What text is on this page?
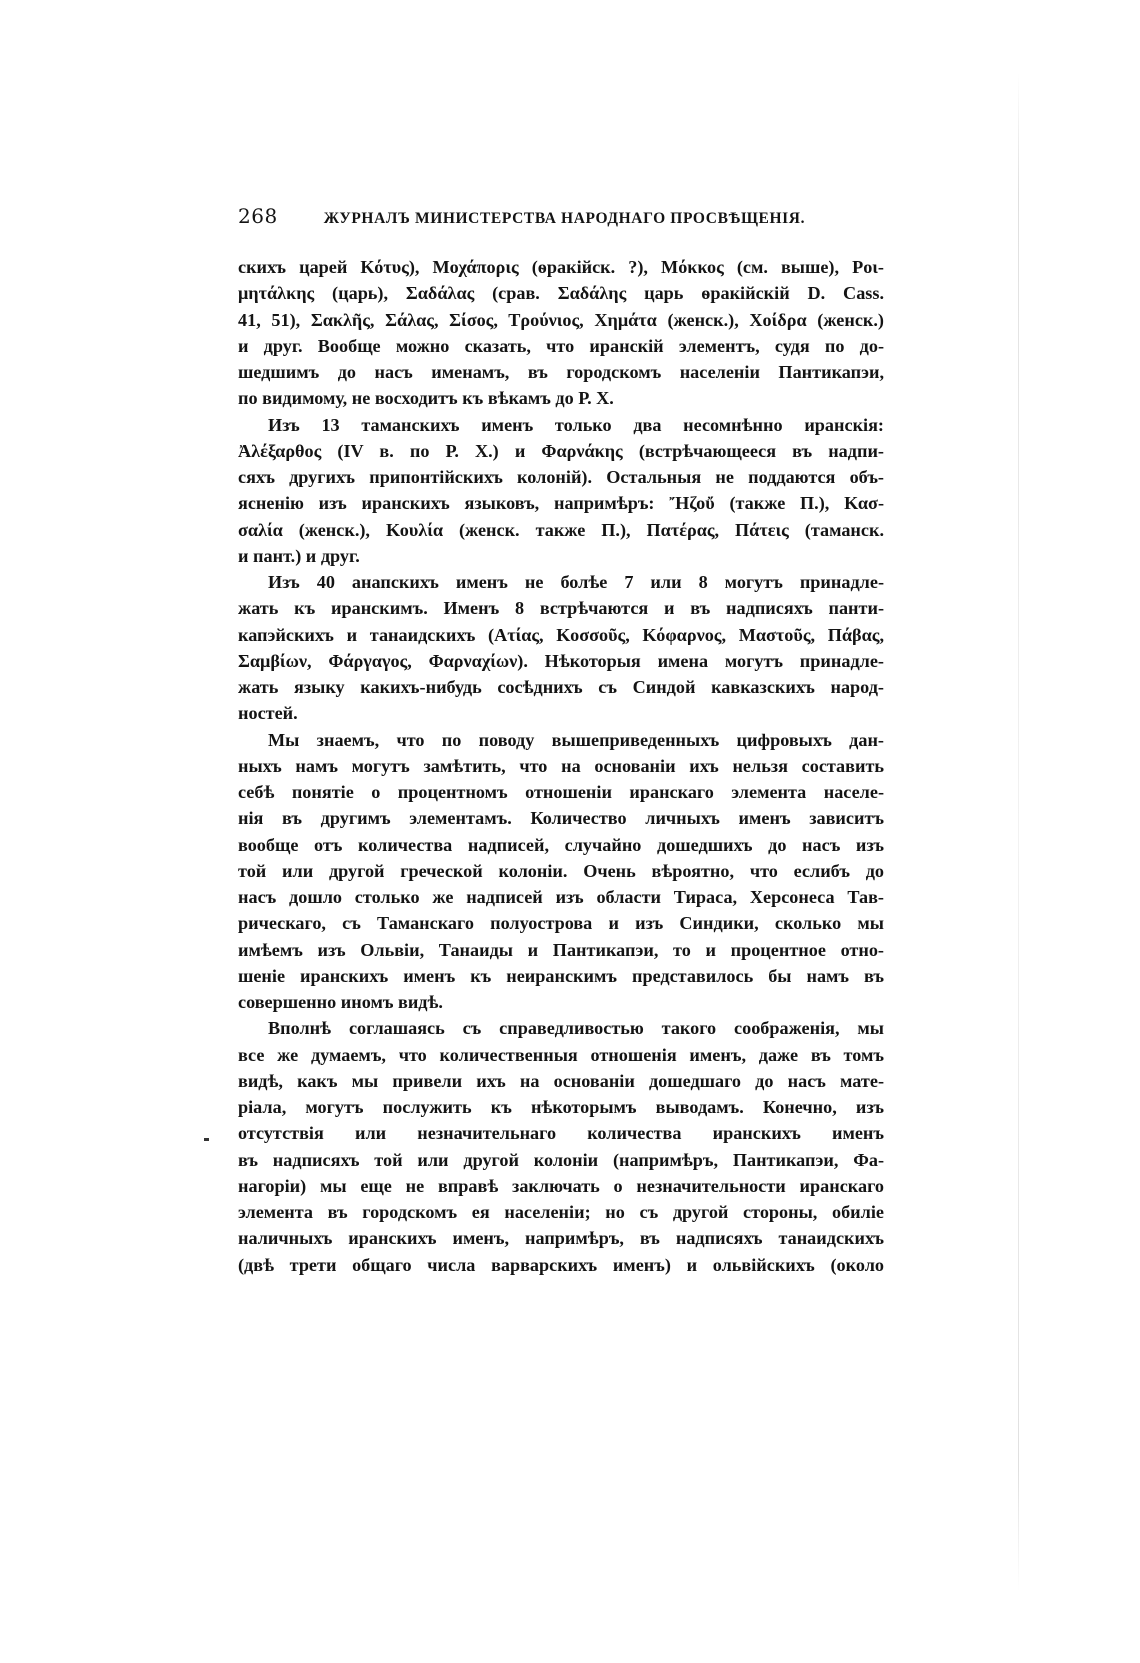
268	ЖУРНАЛЪ МИНИСТЕРСТВА НАРОДНАГО ПРОСВѢЩЕНІЯ.
скихъ царей Κότυς), Μοχάπορις (ѳракійск. ?), Μόκκος (см. выше), Ροι-
μητάλκης (царь), Σαδάλας (срав. Σαδάλης царь ѳракійскій D. Cass.
41, 51), Σακλῆς, Σάλας, Σίσος, Τρούνιος, Χημάτα (женск.), Χοίδρα (женск.)
и друг. Вообще можно сказать, что иранскій элементъ, судя по до-
шедшимъ до насъ именамъ, въ городскомъ населеніи Пантикапэи,
по видимому, не восходитъ къ вѣкамъ до Р. Х.
Изъ 13 таманскихъ именъ только два несомнѣнно иранскія:
Ἀλέξαρθος (IV в. по Р. Х.) и Φαρνάκης (встрѣчающееся въ надпи-
сяхъ другихъ припонтійскихъ колоній). Остальныя не поддаются объ-
ясненію изъ иранскихъ языковъ, напримѣръ: Ἤζοὔ (также П.), Κασ-
σαλία (женск.), Κουλία (женск. также П.), Πατέρας, Πάτεις (таманск.
и пант.) и друг.
Изъ 40 анапскихъ именъ не болѣе 7 или 8 могутъ принадле-
жать къ иранскимъ. Именъ 8 встрѣчаются и въ надписяхъ панти-
капэйскихъ и танаидскихъ (Ατίας, Κοσσοῦς, Κόφαρνος, Μαστοῦς, Πάβας,
Σαμβίων, Φάργαγος, Φαρναχίων). Нѣкоторыя имена могутъ принадле-
жать языку какихъ-нибудь сосѣднихъ съ Синдой кавказскихъ народ-
ностей.
Мы знаемъ, что по поводу вышеприведенныхъ цифровыхъ дан-
ныхъ намъ могутъ замѣтить, что на основаніи ихъ нельзя составить
себѣ понятіе о процентномъ отношеніи иранскаго элемента населе-
нія въ другимъ элементамъ. Количество личныхъ именъ зависитъ
вообще отъ количества надписей, случайно дошедшихъ до насъ изъ
той или другой греческой колоніи. Очень вѣроятно, что еслибъ до
насъ дошло столько же надписей изъ области Тираса, Херсонеса Тав-
рическаго, съ Таманскаго полуострова и изъ Синдики, сколько мы
имѣемъ изъ Ольвіи, Танаиды и Пантикапэи, то и процентное отно-
шеніе иранскихъ именъ къ неиранскимъ представилось бы намъ въ
совершенно иномъ видѣ.
Вполнѣ соглашаясь съ справедливостью такого соображенія, мы
все же думаемъ, что количественныя отношенія именъ, даже въ томъ
видѣ, какъ мы привели ихъ на основаніи дошедшаго до насъ мате-
ріала, могутъ послужить къ нѣкоторымъ выводамъ. Конечно, изъ
отсутствія или незначительнаго количества иранскихъ именъ
въ надписяхъ той или другой колоніи (напримѣръ, Пантикапэи, Фа-
нагоріи) мы еще не вправѣ заключать о незначительности иранскаго
элемента въ городскомъ ея населеніи; но съ другой стороны, обиліе
наличныхъ иранскихъ именъ, напримѣръ, въ надписяхъ танаидскихъ
(двѣ трети общаго числа варварскихъ именъ) и ольвійскихъ (около
